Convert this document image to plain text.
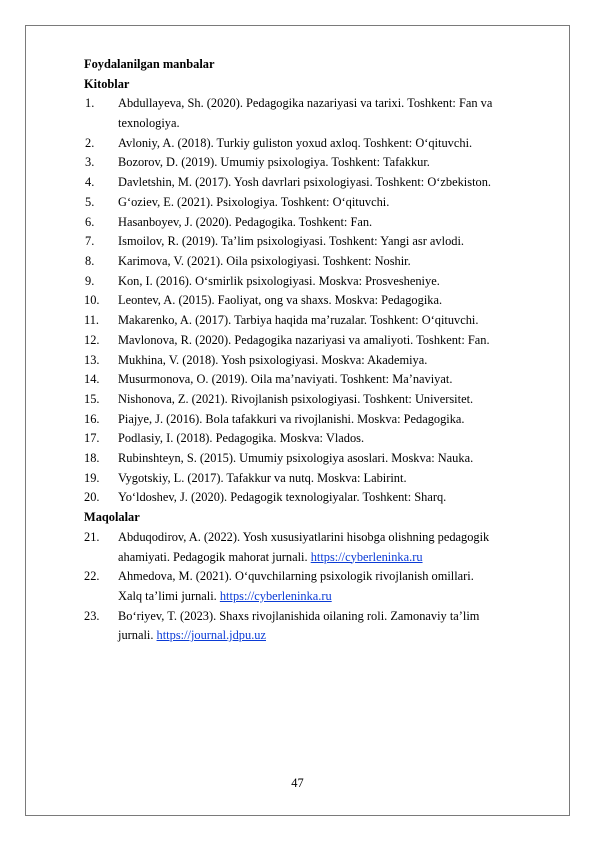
Foydalanilgan manbalar

Kitoblar

1.	Abdullayeva, Sh. (2020). Pedagogika nazariyasi va tarixi. Toshkent: Fan va
texnologiya.
2.	Avloniy, A. (2018). Turkiy guliston yoxud axloq. Toshkent: O‘qituvchi.
3.	Bozorov, D. (2019). Umumiy psixologiya. Toshkent: Tafakkur.
4.	Davletshin, M. (2017). Yosh davrlari psixologiyasi. Toshkent: O‘zbekiston.
5.	G‘oziev, E. (2021). Psixologiya. Toshkent: O‘qituvchi.
6.	Hasanboyev, J. (2020). Pedagogika. Toshkent: Fan.
7.	Ismoilov, R. (2019). Ta’lim psixologiyasi. Toshkent: Yangi asr avlodi.
8.	Karimova, V. (2021). Oila psixologiyasi. Toshkent: Noshir.
9.	Kon, I. (2016). O‘smirlik psixologiyasi. Moskva: Prosvesheniye.
10.	Leontev, A. (2015). Faoliyat, ong va shaxs. Moskva: Pedagogika.
11.	Makarenko, A. (2017). Tarbiya haqida ma’ruzalar. Toshkent: O‘qituvchi.
12.	Mavlonova, R. (2020). Pedagogika nazariyasi va amaliyoti. Toshkent: Fan.
13.	Mukhina, V. (2018). Yosh psixologiyasi. Moskva: Akademiya.
14.	Musurmonova, O. (2019). Oila ma’naviyati. Toshkent: Ma’naviyat.
15.	Nishonova, Z. (2021). Rivojlanish psixologiyasi. Toshkent: Universitet.
16.	Piajye, J. (2016). Bola tafakkuri va rivojlanishi. Moskva: Pedagogika.
17.	Podlasiy, I. (2018). Pedagogika. Moskva: Vlados.
18.	Rubinshteyn, S. (2015). Umumiy psixologiya asoslari. Moskva: Nauka.
19.	Vygotskiy, L. (2017). Tafakkur va nutq. Moskva: Labirint.
20.	Yo‘ldoshev, J. (2020). Pedagogik texnologiyalar. Toshkent: Sharq.

Maqolalar

21.	Abduqodirov, A. (2022). Yosh xususiyatlarini hisobga olishning pedagogik
ahamiyati. Pedagogik mahorat jurnali. https://cyberleninka.ru
22.	Ahmedova, M. (2021). O‘quvchilarning psixologik rivojlanish omillari.
Xalq ta’limi jurnali. https://cyberleninka.ru
23.	Bo‘riyev, T. (2023). Shaxs rivojlanishida oilaning roli. Zamonaviy ta’lim
jurnali. https://journal.jdpu.uz
47
